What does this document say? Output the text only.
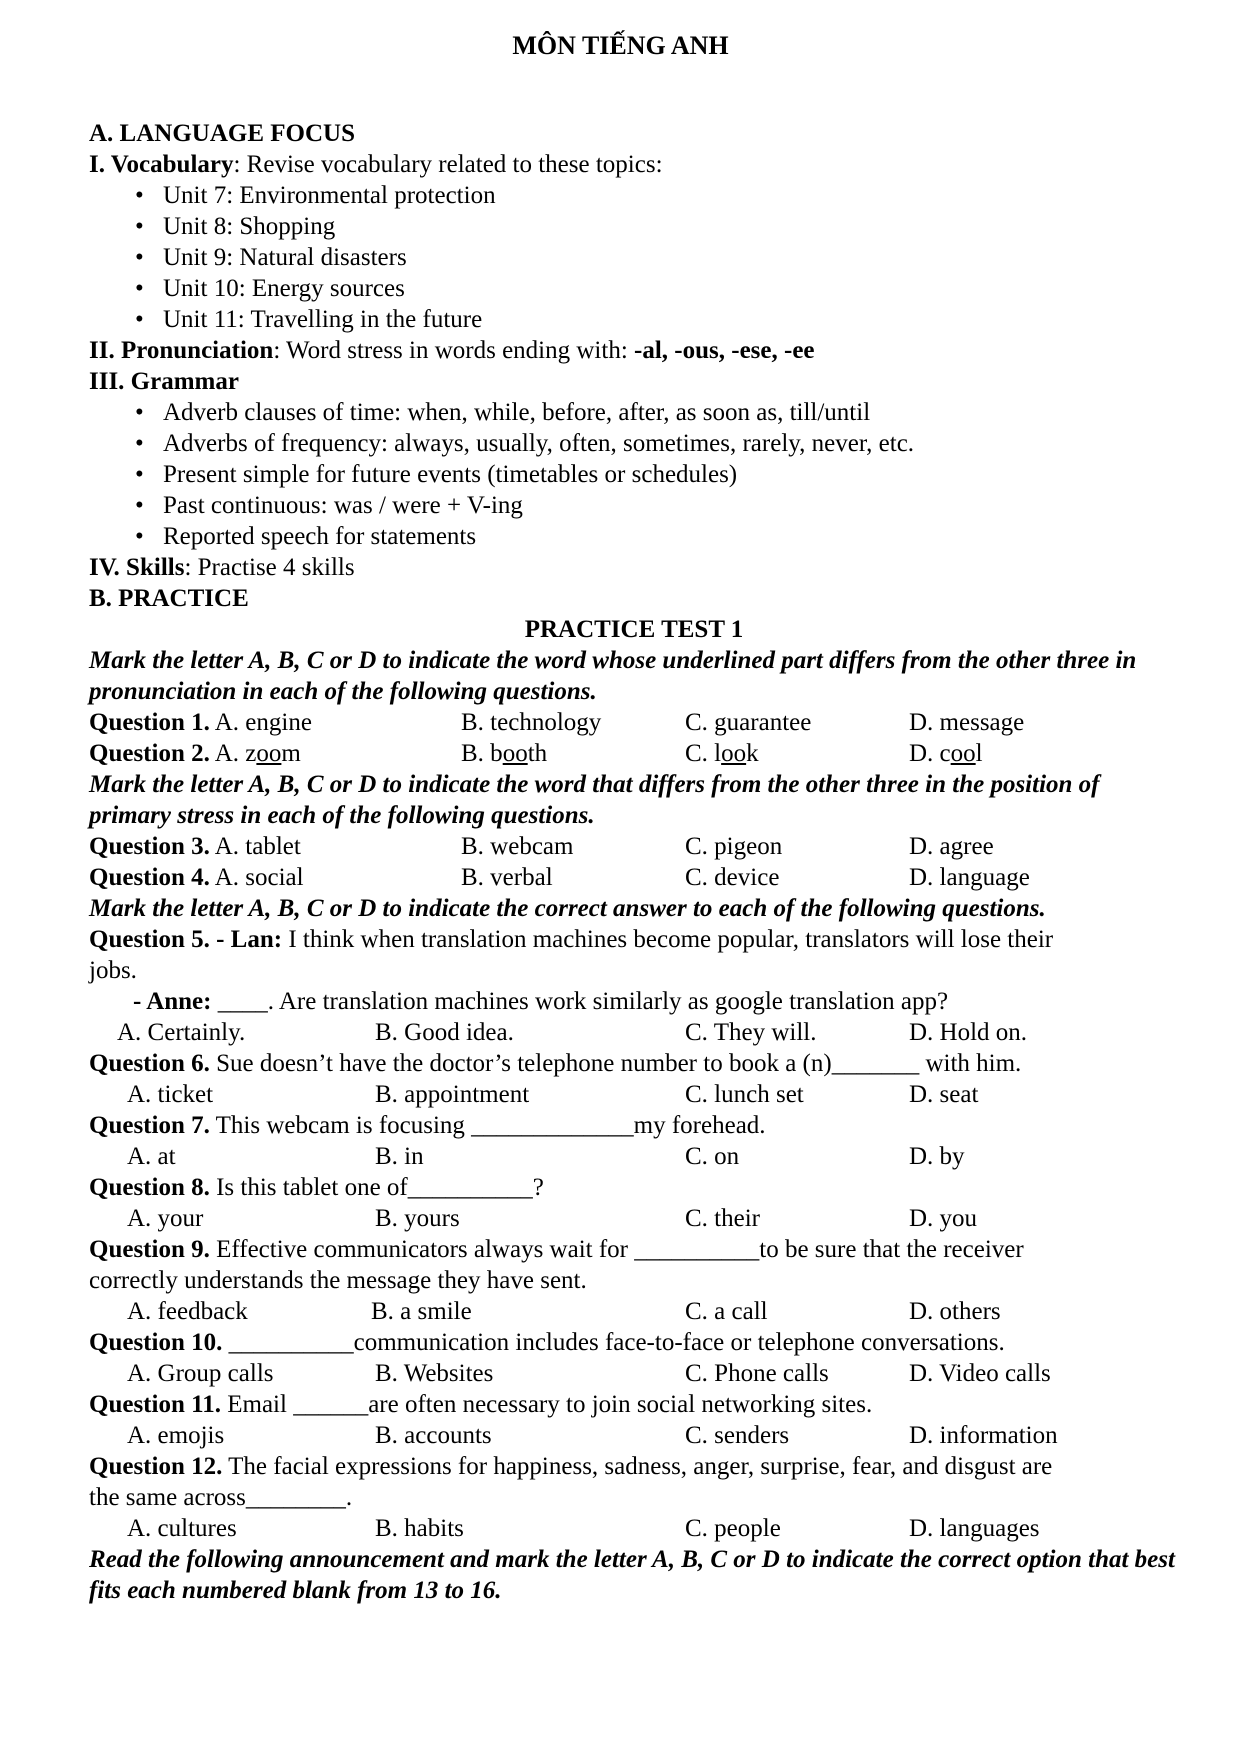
MÔN TIẾNG ANH
A. LANGUAGE FOCUS
I. Vocabulary: Revise vocabulary related to these topics:
• Unit 7: Environmental protection
• Unit 8: Shopping
• Unit 9: Natural disasters
• Unit 10: Energy sources
• Unit 11: Travelling in the future
II. Pronunciation: Word stress in words ending with: -al, -ous, -ese, -ee
III. Grammar
• Adverb clauses of time: when, while, before, after, as soon as, till/until
• Adverbs of frequency: always, usually, often, sometimes, rarely, never, etc.
• Present simple for future events (timetables or schedules)
• Past continuous: was / were + V-ing
• Reported speech for statements
IV. Skills: Practise 4 skills
B. PRACTICE
PRACTICE TEST 1
Mark the letter A, B, C or D to indicate the word whose underlined part differs from the other three in pronunciation in each of the following questions.
Question 1. A. engine	B. technology	C. guarantee	D. message
Question 2. A. zoom	B. booth	C. look	D. cool
Mark the letter A, B, C or D to indicate the word that differs from the other three in the position of primary stress in each of the following questions.
Question 3. A. tablet	B. webcam	C. pigeon	D. agree
Question 4. A. social	B. verbal	C. device	D. language
Mark the letter A, B, C or D to indicate the correct answer to each of the following questions.
Question 5. - Lan: I think when translation machines become popular, translators will lose their
jobs.
- Anne: ____. Are translation machines work similarly as google translation app?
A. Certainly.	B. Good idea.	C. They will.	D. Hold on.
Question 6. Sue doesn’t have the doctor’s telephone number to book a (n)_______ with him.
A. ticket	B. appointment	C. lunch set	D. seat
Question 7. This webcam is focusing _____________my forehead.
A. at	B. in	C. on	D. by
Question 8. Is this tablet one of__________?
A. your	B. yours	C. their	D. you
Question 9. Effective communicators always wait for __________to be sure that the receiver
correctly understands the message they have sent.
A. feedback	B. a smile	C. a call	D. others
Question 10. __________communication includes face-to-face or telephone conversations.
A. Group calls	B. Websites	C. Phone calls	D. Video calls
Question 11. Email ______are often necessary to join social networking sites.
A. emojis	B. accounts	C. senders	D. information
Question 12. The facial expressions for happiness, sadness, anger, surprise, fear, and disgust are
the same across________.
A. cultures	B. habits	C. people	D. languages
Read the following announcement and mark the letter A, B, C or D to indicate the correct option that best fits each numbered blank from 13 to 16.
